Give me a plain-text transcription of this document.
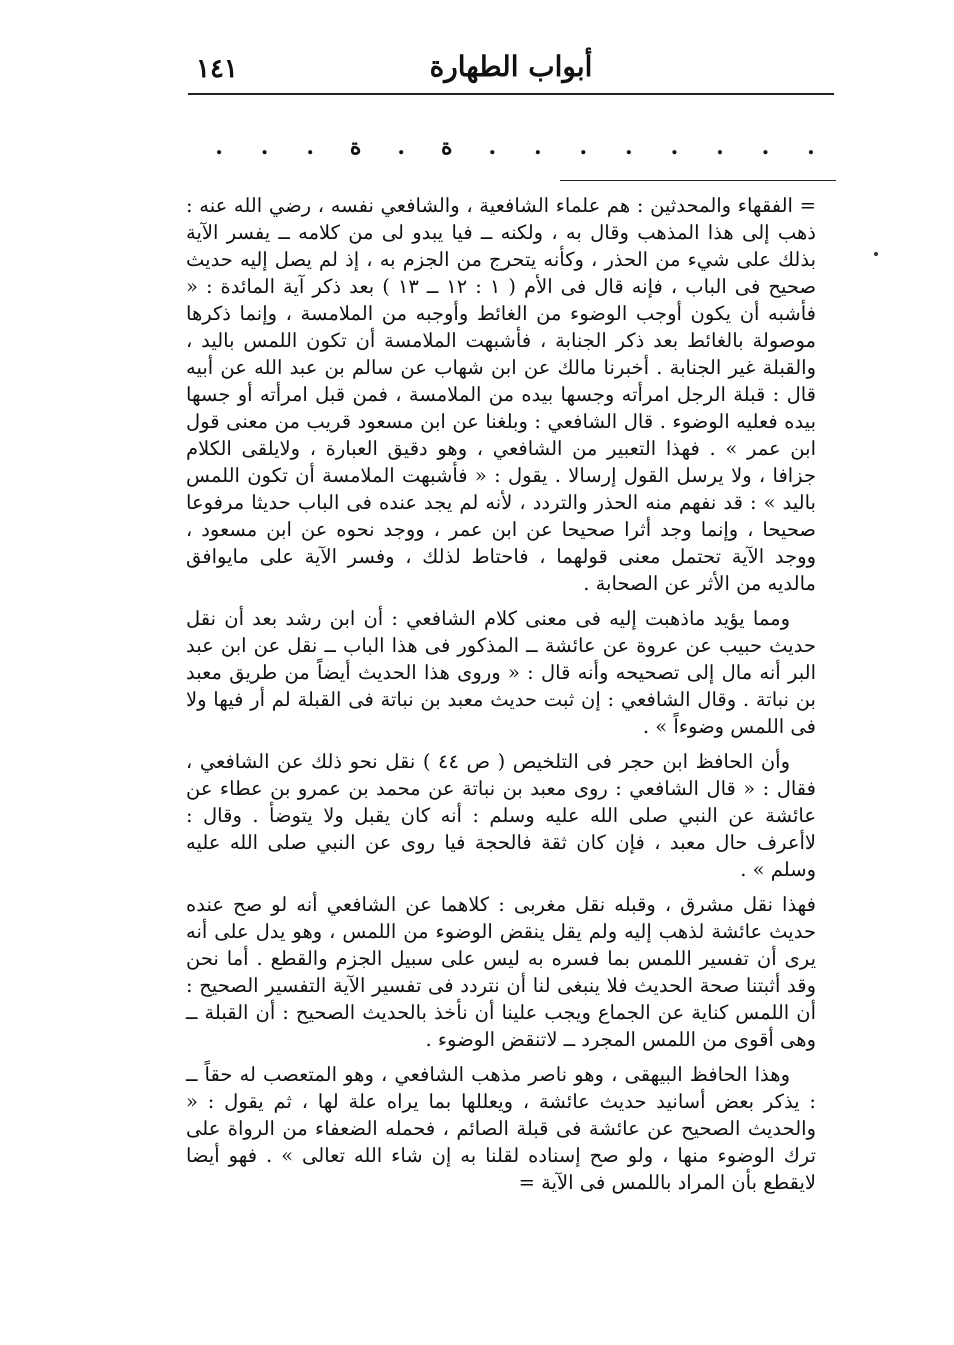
١٤١	أبواب الطهارة
. . . ة . ة . . . . . . . .

= الفقهاء والمحدثين : هم علماء الشافعية ، والشافعي نفسه ، رضي الله عنه : ذهب إلى هذا المذهب وقال به ، ولكنه ــ فيا يبدو لى من كلامه ــ يفسر الآية بذلك على شيء من الحذر ، وكأنه يتحرج من الجزم به ، إذ لم يصل إليه حديث صحيح فى الباب ، فإنه قال فى الأم ( ١ : ١٢ ــ ١٣ ) بعد ذكر آية المائدة : « فأشبه أن يكون أوجب الوضوء من الغائط وأوجبه من الملامسة ، وإنما ذكرها موصولة بالغائط بعد ذكر الجنابة ، فأشبهت الملامسة أن تكون اللمس باليد ، والقبلة غير الجنابة . أخبرنا مالك عن ابن شهاب عن سالم بن عبد الله عن أبيه قال : قبلة الرجل امرأته وجسها بيده من الملامسة ، فمن قبل امرأته أو جسها بيده فعليه الوضوء . قال الشافعي : وبلغنا عن ابن مسعود قريب من معنى قول ابن عمر » . فهذا التعبير من الشافعي ، وهو دقيق العبارة ، ولايلقى الكلام جزافا ، ولا يرسل القول إرسالا . يقول : « فأشبهت الملامسة أن تكون اللمس باليد » : قد نفهم منه الحذر والتردد ، لأنه لم يجد عنده فى الباب حديثا مرفوعا صحيحا ، وإنما وجد أثرا صحيحا عن ابن عمر ، ووجد نحوه عن ابن مسعود ، ووجد الآية تحتمل معنى قولهما ، فاحتاط لذلك ، وفسر الآية على مايوافق مالديه من الأثر عن الصحابة .

ومما يؤيد ماذهبت إليه فى معنى كلام الشافعي : أن ابن رشد بعد أن نقل حديث حبيب عن عروة عن عائشة ــ المذكور فى هذا الباب ــ نقل عن ابن عبد البر أنه مال إلى تصحيحه وأنه قال : « وروى هذا الحديث أيضاً من طريق معبد بن نباتة . وقال الشافعي : إن ثبت حديث معبد بن نباتة فى القبلة لم أر فيها ولا فى اللمس وضوءاً » .

وأن الحافظ ابن حجر فى التلخيص ( ص ٤٤ ) نقل نحو ذلك عن الشافعي ، فقال : « قال الشافعي : روى معبد بن نباتة عن محمد بن عمرو بن عطاء عن عائشة عن النبي صلى الله عليه وسلم : أنه كان يقبل ولا يتوضأ . وقال : لاأعرف حال معبد ، فإن كان ثقة فالحجة فيا روى عن النبي صلى الله عليه وسلم » .

فهذا نقل مشرق ، وقبله نقل مغربى : كلاهما عن الشافعي أنه لو صح عنده حديث عائشة لذهب إليه ولم يقل ينقض الوضوء من اللمس ، وهو يدل على أنه يرى أن تفسير اللمس بما فسره به ليس على سبيل الجزم والقطع . أما نحن وقد أثبتنا صحة الحديث فلا ينبغى لنا أن نتردد فى تفسير الآية التفسير الصحيح : أن اللمس كناية عن الجماع ويجب علينا أن نأخذ بالحديث الصحيح : أن القبلة ــ وهى أقوى من اللمس المجرد ــ لاتنقض الوضوء .

وهذا الحافظ البيهقى ، وهو ناصر مذهب الشافعي ، وهو المتعصب له حقاً ــ : يذكر بعض أسانيد حديث عائشة ، ويعللها بما يراه علة لها ، ثم يقول : « والحديث الصحيح عن عائشة فى قبلة الصائم ، فحمله الضعفاء من الرواة على ترك الوضوء منها ، ولو صح إسناده لقلنا به إن شاء الله تعالى » . فهو أيضا لايقطع بأن المراد باللمس فى الآية =
